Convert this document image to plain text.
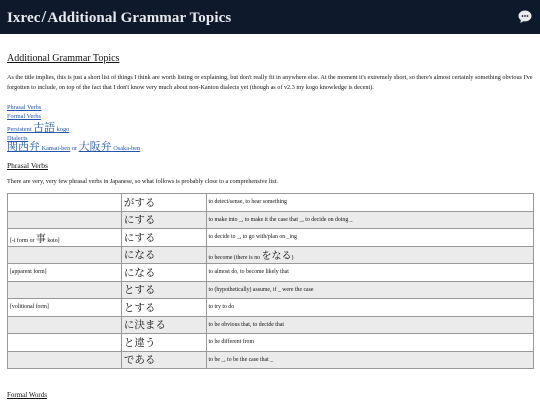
Ixrec/Additional Grammar Topics
Additional Grammar Topics

As the title implies, this is just a short list of things I think are worth listing or explaining, but don't really fit in anywhere else. At the moment it's extremely short, so there's almost certainly something obvious I've forgotten to include, on top of the fact that I don't know very much about non-Kantou dialects yet (though as of v2.3 my kogo knowledge is decent).

Phrasal Verbs
Formal Verbs
Persistent 古語 kogo
Dialects
関西弁 Kansai-ben or 大阪弁 Osaka-ben
Phrasal Verbs

There are very, very few phrasal verbs in Japanese, so what follows is probably close to a comprehensive list.

	がする	to detect/sense, to hear something
	にする	to make into _, to make it the case that _, to decide on doing _
[-i form or 事 koto]	にする	to decide to _, to go with/plan on _ing
	になる	to become (there is no をなる)
[apparent form]	になる	to almost do, to become likely that
	とする	to (hypothetically) assume, if _ were the case
[volitional form]	とする	to try to do
	に決まる	to be obvious that, to decide that
	と違う	to be different from
	である	to be _, to be the case that _
Formal Words
